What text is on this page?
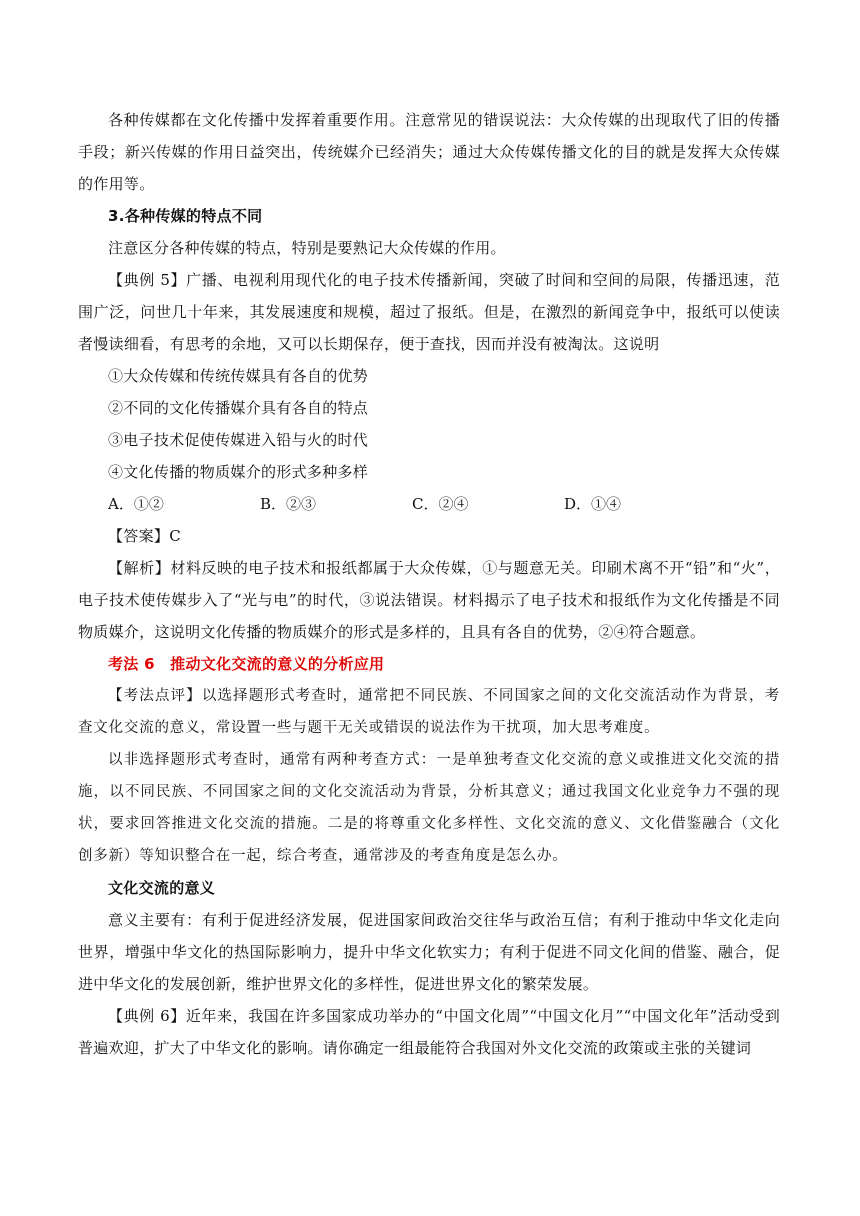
各种传媒都在文化传播中发挥着重要作用。注意常见的错误说法：大众传媒的出现取代了旧的传播手段；新兴传媒的作用日益突出，传统媒介已经消失；通过大众传媒传播文化的目的就是发挥大众传媒的作用等。

3.各种传媒的特点不同

注意区分各种传媒的特点，特别是要熟记大众传媒的作用。

【典例 5】广播、电视利用现代化的电子技术传播新闻，突破了时间和空间的局限，传播迅速，范围广泛，问世几十年来，其发展速度和规模，超过了报纸。但是，在激烈的新闻竞争中，报纸可以使读者慢读细看，有思考的余地，又可以长期保存，便于查找，因而并没有被淘汰。这说明

①大众传媒和传统传媒具有各自的优势

②不同的文化传播媒介具有各自的特点

③电子技术促使传媒进入铅与火的时代

④文化传播的物质媒介的形式多种多样

A．①②	B．②③	C．②④	D．①④

【答案】C

【解析】材料反映的电子技术和报纸都属于大众传媒，①与题意无关。印刷术离不开“铅”和“火”，电子技术使传媒步入了“光与电”的时代，③说法错误。材料揭示了电子技术和报纸作为文化传播是不同物质媒介，这说明文化传播的物质媒介的形式是多样的，且具有各自的优势，②④符合题意。

考法 6　推动文化交流的意义的分析应用

【考法点评】以选择题形式考查时，通常把不同民族、不同国家之间的文化交流活动作为背景，考查文化交流的意义，常设置一些与题干无关或错误的说法作为干扰项，加大思考难度。

以非选择题形式考查时，通常有两种考查方式：一是单独考查文化交流的意义或推进文化交流的措施，以不同民族、不同国家之间的文化交流活动为背景，分析其意义；通过我国文化业竞争力不强的现状，要求回答推进文化交流的措施。二是的将尊重文化多样性、文化交流的意义、文化借鉴融合（文化创多新）等知识整合在一起，综合考查，通常涉及的考查角度是怎么办。

文化交流的意义

意义主要有：有利于促进经济发展，促进国家间政治交往华与政治互信；有利于推动中华文化走向世界，增强中华文化的热国际影响力，提升中华文化软实力；有利于促进不同文化间的借鉴、融合，促进中华文化的发展创新，维护世界文化的多样性，促进世界文化的繁荣发展。

【典例 6】近年来，我国在许多国家成功举办的“中国文化周”“中国文化月”“中国文化年”活动受到普遍欢迎，扩大了中华文化的影响。请你确定一组最能符合我国对外文化交流的政策或主张的关键词
